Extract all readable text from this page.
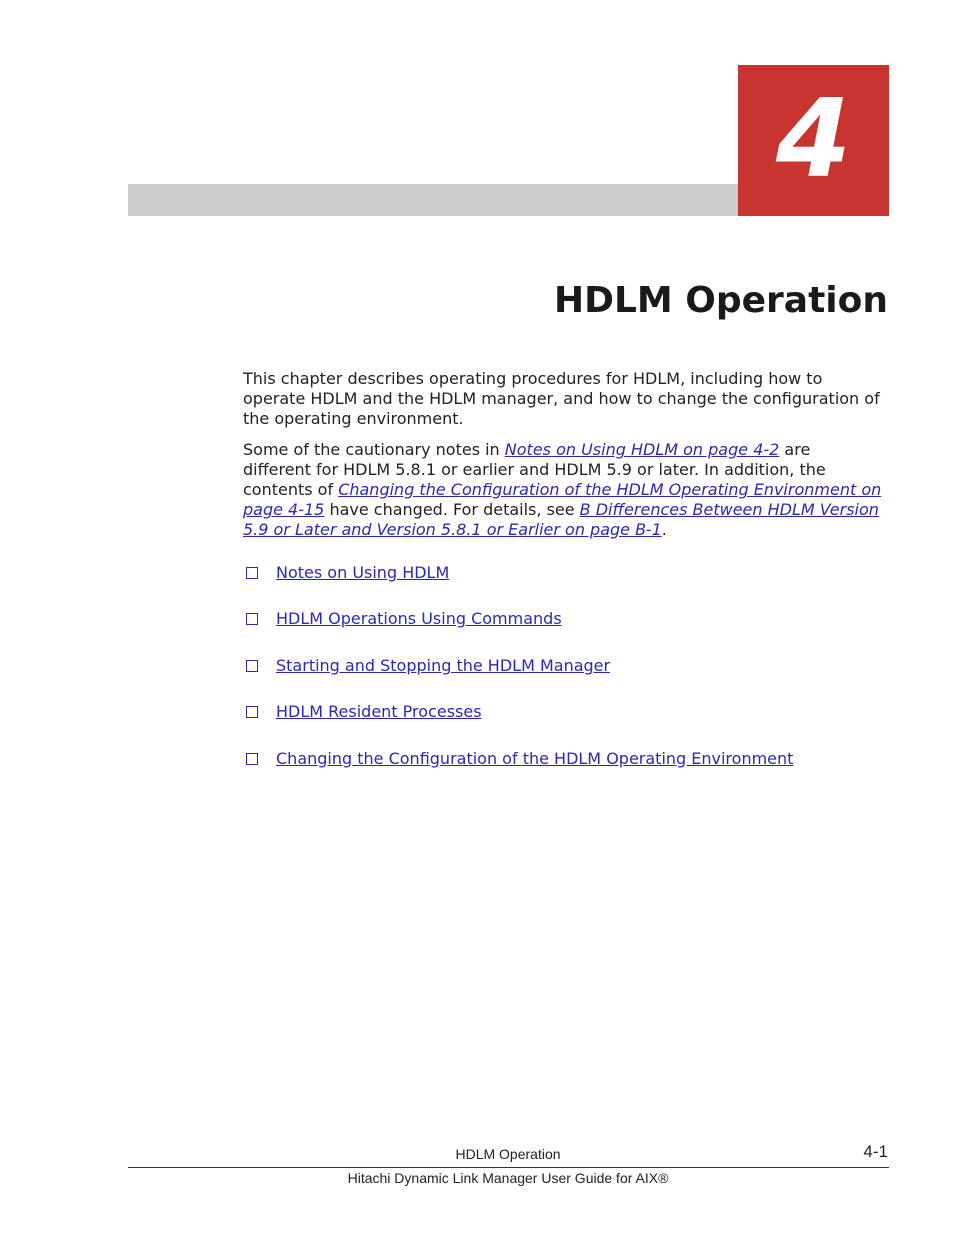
4
HDLM Operation

This chapter describes operating procedures for HDLM, including how to operate HDLM and the HDLM manager, and how to change the configuration of the operating environment.

Some of the cautionary notes in Notes on Using HDLM on page 4-2 are different for HDLM 5.8.1 or earlier and HDLM 5.9 or later. In addition, the contents of Changing the Configuration of the HDLM Operating Environment on page 4-15 have changed. For details, see B Differences Between HDLM Version 5.9 or Later and Version 5.8.1 or Earlier on page B-1.

Notes on Using HDLM
HDLM Operations Using Commands
Starting and Stopping the HDLM Manager
HDLM Resident Processes
Changing the Configuration of the HDLM Operating Environment
HDLM Operation	4-1
Hitachi Dynamic Link Manager User Guide for AIX®
